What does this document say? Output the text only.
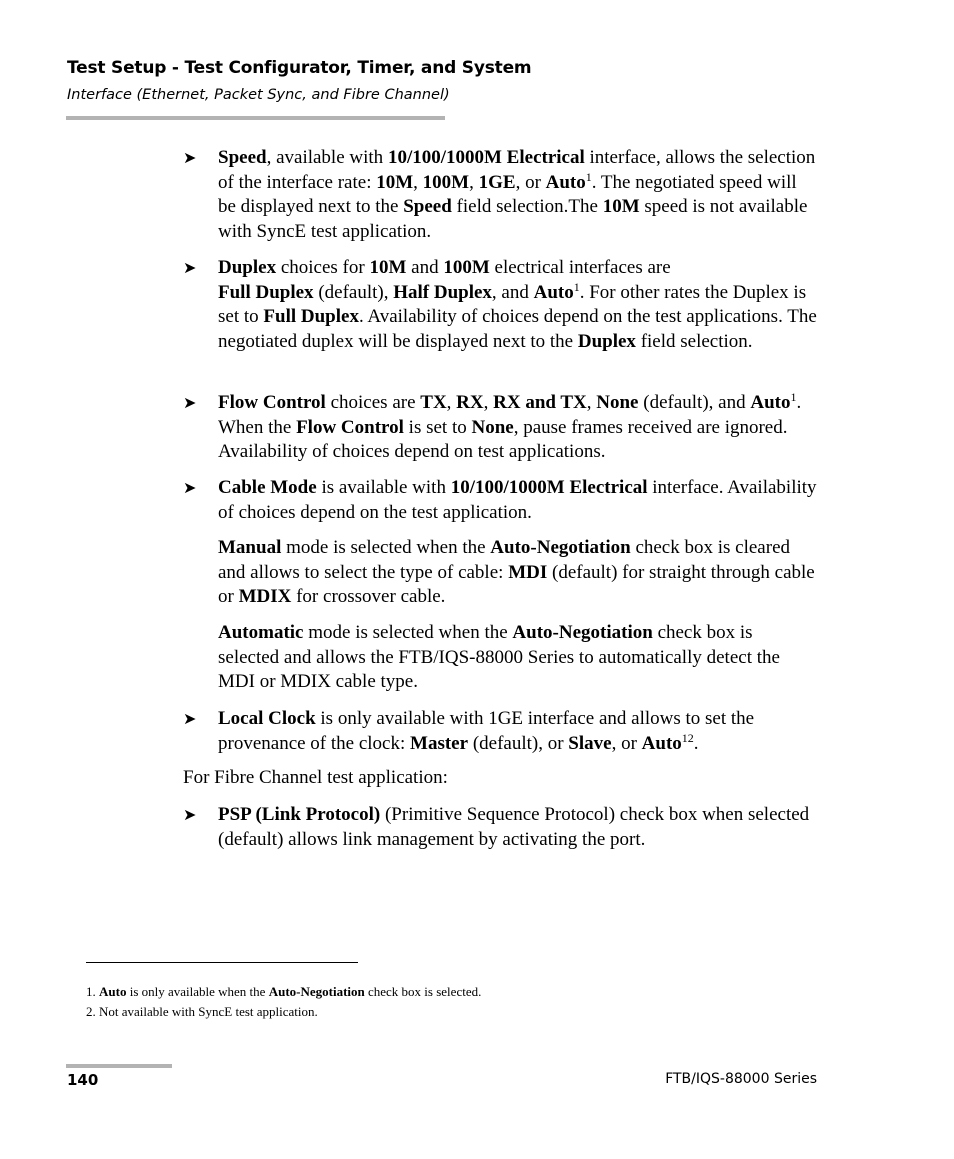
Test Setup - Test Configurator, Timer, and System
Interface (Ethernet, Packet Sync, and Fibre Channel)
➤ Speed, available with 10/100/1000M Electrical interface, allows the selection of the interface rate: 10M, 100M, 1GE, or Auto$^1$. The negotiated speed will be displayed next to the Speed field selection.The 10M speed is not available with SyncE test application.
➤ Duplex choices for 10M and 100M electrical interfaces are
Full Duplex (default), Half Duplex, and Auto$^1$. For other rates the Duplex is set to Full Duplex. Availability of choices depend on the test applications. The negotiated duplex will be displayed next to the Duplex field selection.
➤ Flow Control choices are TX, RX, RX and TX, None (default), and Auto$^1$. When the Flow Control is set to None, pause frames received are ignored. Availability of choices depend on test applications.
➤ Cable Mode is available with 10/100/1000M Electrical interface. Availability of choices depend on the test application.
Manual mode is selected when the Auto-Negotiation check box is cleared and allows to select the type of cable: MDI (default) for straight through cable or MDIX for crossover cable.
Automatic mode is selected when the Auto-Negotiation check box is selected and allows the FTB/IQS-88000 Series to automatically detect the MDI or MDIX cable type.
➤ Local Clock is only available with 1GE interface and allows to set the provenance of the clock: Master (default), or Slave, or Auto$^{12}$.
For Fibre Channel test application:
➤ PSP (Link Protocol) (Primitive Sequence Protocol) check box when selected (default) allows link management by activating the port.
1. Auto is only available when the Auto-Negotiation check box is selected.
2. Not available with SyncE test application.
140	FTB/IQS-88000 Series
